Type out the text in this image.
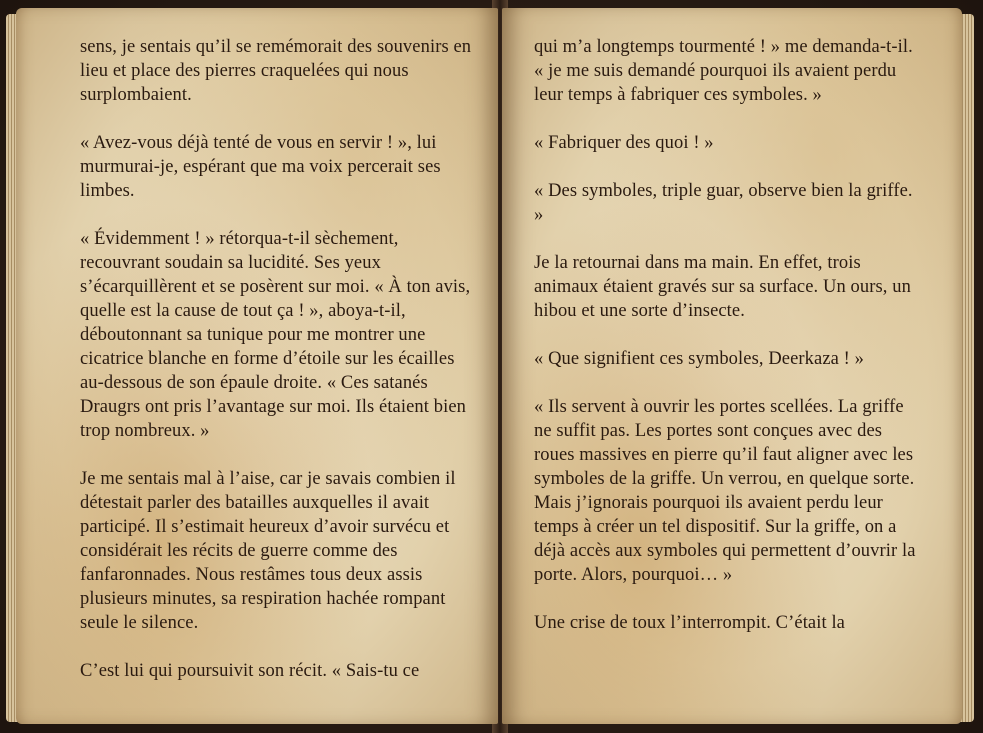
sens, je sentais qu’il se remémorait des souvenirs en lieu et place des pierres craquelées qui nous surplombaient.

« Avez-vous déjà tenté de vous en servir ! », lui murmurai-je, espérant que ma voix percerait ses limbes.

« Évidemment ! » rétorqua-t-il sèchement, recouvrant soudain sa lucidité. Ses yeux s’écarquillèrent et se posèrent sur moi. « À ton avis, quelle est la cause de tout ça ! », aboya-t-il, déboutonnant sa tunique pour me montrer une cicatrice blanche en forme d’étoile sur les écailles au-dessous de son épaule droite. « Ces satanés Draugrs ont pris l’avantage sur moi. Ils étaient bien trop nombreux. »

Je me sentais mal à l’aise, car je savais combien il détestait parler des batailles auxquelles il avait participé. Il s’estimait heureux d’avoir survécu et considérait les récits de guerre comme des fanfaronnades. Nous restâmes tous deux assis plusieurs minutes, sa respiration hachée rompant seule le silence.

C’est lui qui poursuivit son récit. « Sais-tu ce

qui m’a longtemps tourmenté ! » me demanda-t-il. « je me suis demandé pourquoi ils avaient perdu leur temps à fabriquer ces symboles. »

« Fabriquer des quoi ! »

« Des symboles, triple guar, observe bien la griffe. »

Je la retournai dans ma main. En effet, trois animaux étaient gravés sur sa surface. Un ours, un hibou et une sorte d’insecte.

« Que signifient ces symboles, Deerkaza ! »

« Ils servent à ouvrir les portes scellées. La griffe ne suffit pas. Les portes sont conçues avec des roues massives en pierre qu’il faut aligner avec les symboles de la griffe. Un verrou, en quelque sorte. Mais j’ignorais pourquoi ils avaient perdu leur temps à créer un tel dispositif. Sur la griffe, on a déjà accès aux symboles qui permettent d’ouvrir la porte. Alors, pourquoi… »

Une crise de toux l’interrompit. C’était la
